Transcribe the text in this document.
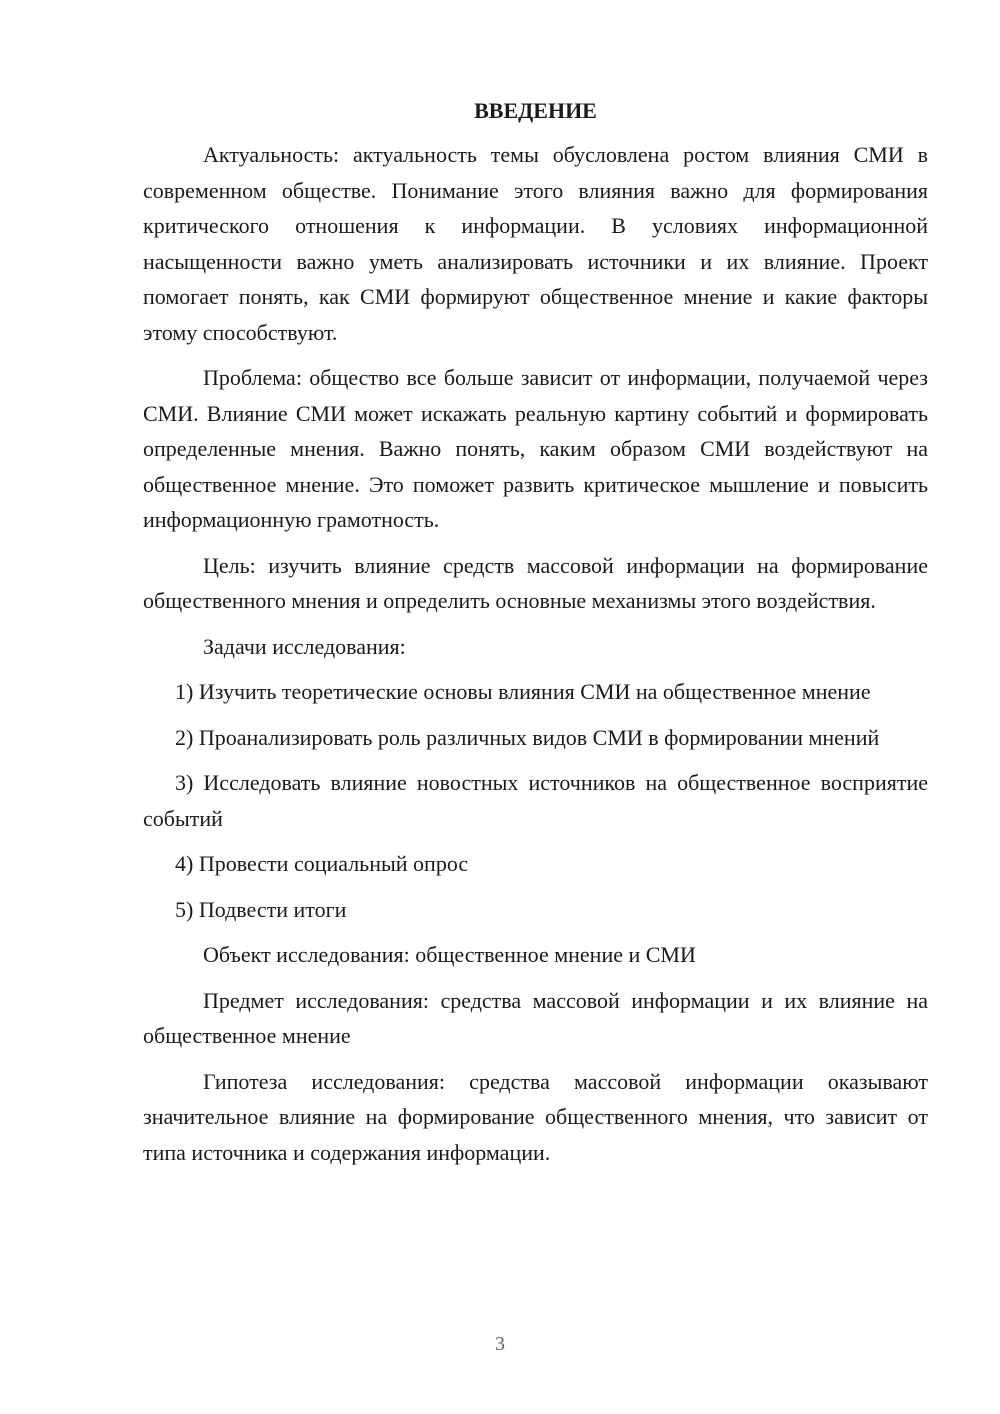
ВВЕДЕНИЕ

Актуальность: актуальность темы обусловлена ростом влияния СМИ в современном обществе. Понимание этого влияния важно для формирования критического отношения к информации. В условиях информационной насыщенности важно уметь анализировать источники и их влияние. Проект помогает понять, как СМИ формируют общественное мнение и какие факторы этому способствуют.

Проблема: общество все больше зависит от информации, получаемой через СМИ. Влияние СМИ может искажать реальную картину событий и формировать определенные мнения. Важно понять, каким образом СМИ воздействуют на общественное мнение. Это поможет развить критическое мышление и повысить информационную грамотность.

Цель: изучить влияние средств массовой информации на формирование общественного мнения и определить основные механизмы этого воздействия.

Задачи исследования:

1) Изучить теоретические основы влияния СМИ на общественное мнение

2) Проанализировать роль различных видов СМИ в формировании мнений

3) Исследовать влияние новостных источников на общественное восприятие событий

4) Провести социальный опрос

5) Подвести итоги

Объект исследования: общественное мнение и СМИ

Предмет исследования: средства массовой информации и их влияние на общественное мнение

Гипотеза исследования: средства массовой информации оказывают значительное влияние на формирование общественного мнения, что зависит от типа источника и содержания информации.

3
